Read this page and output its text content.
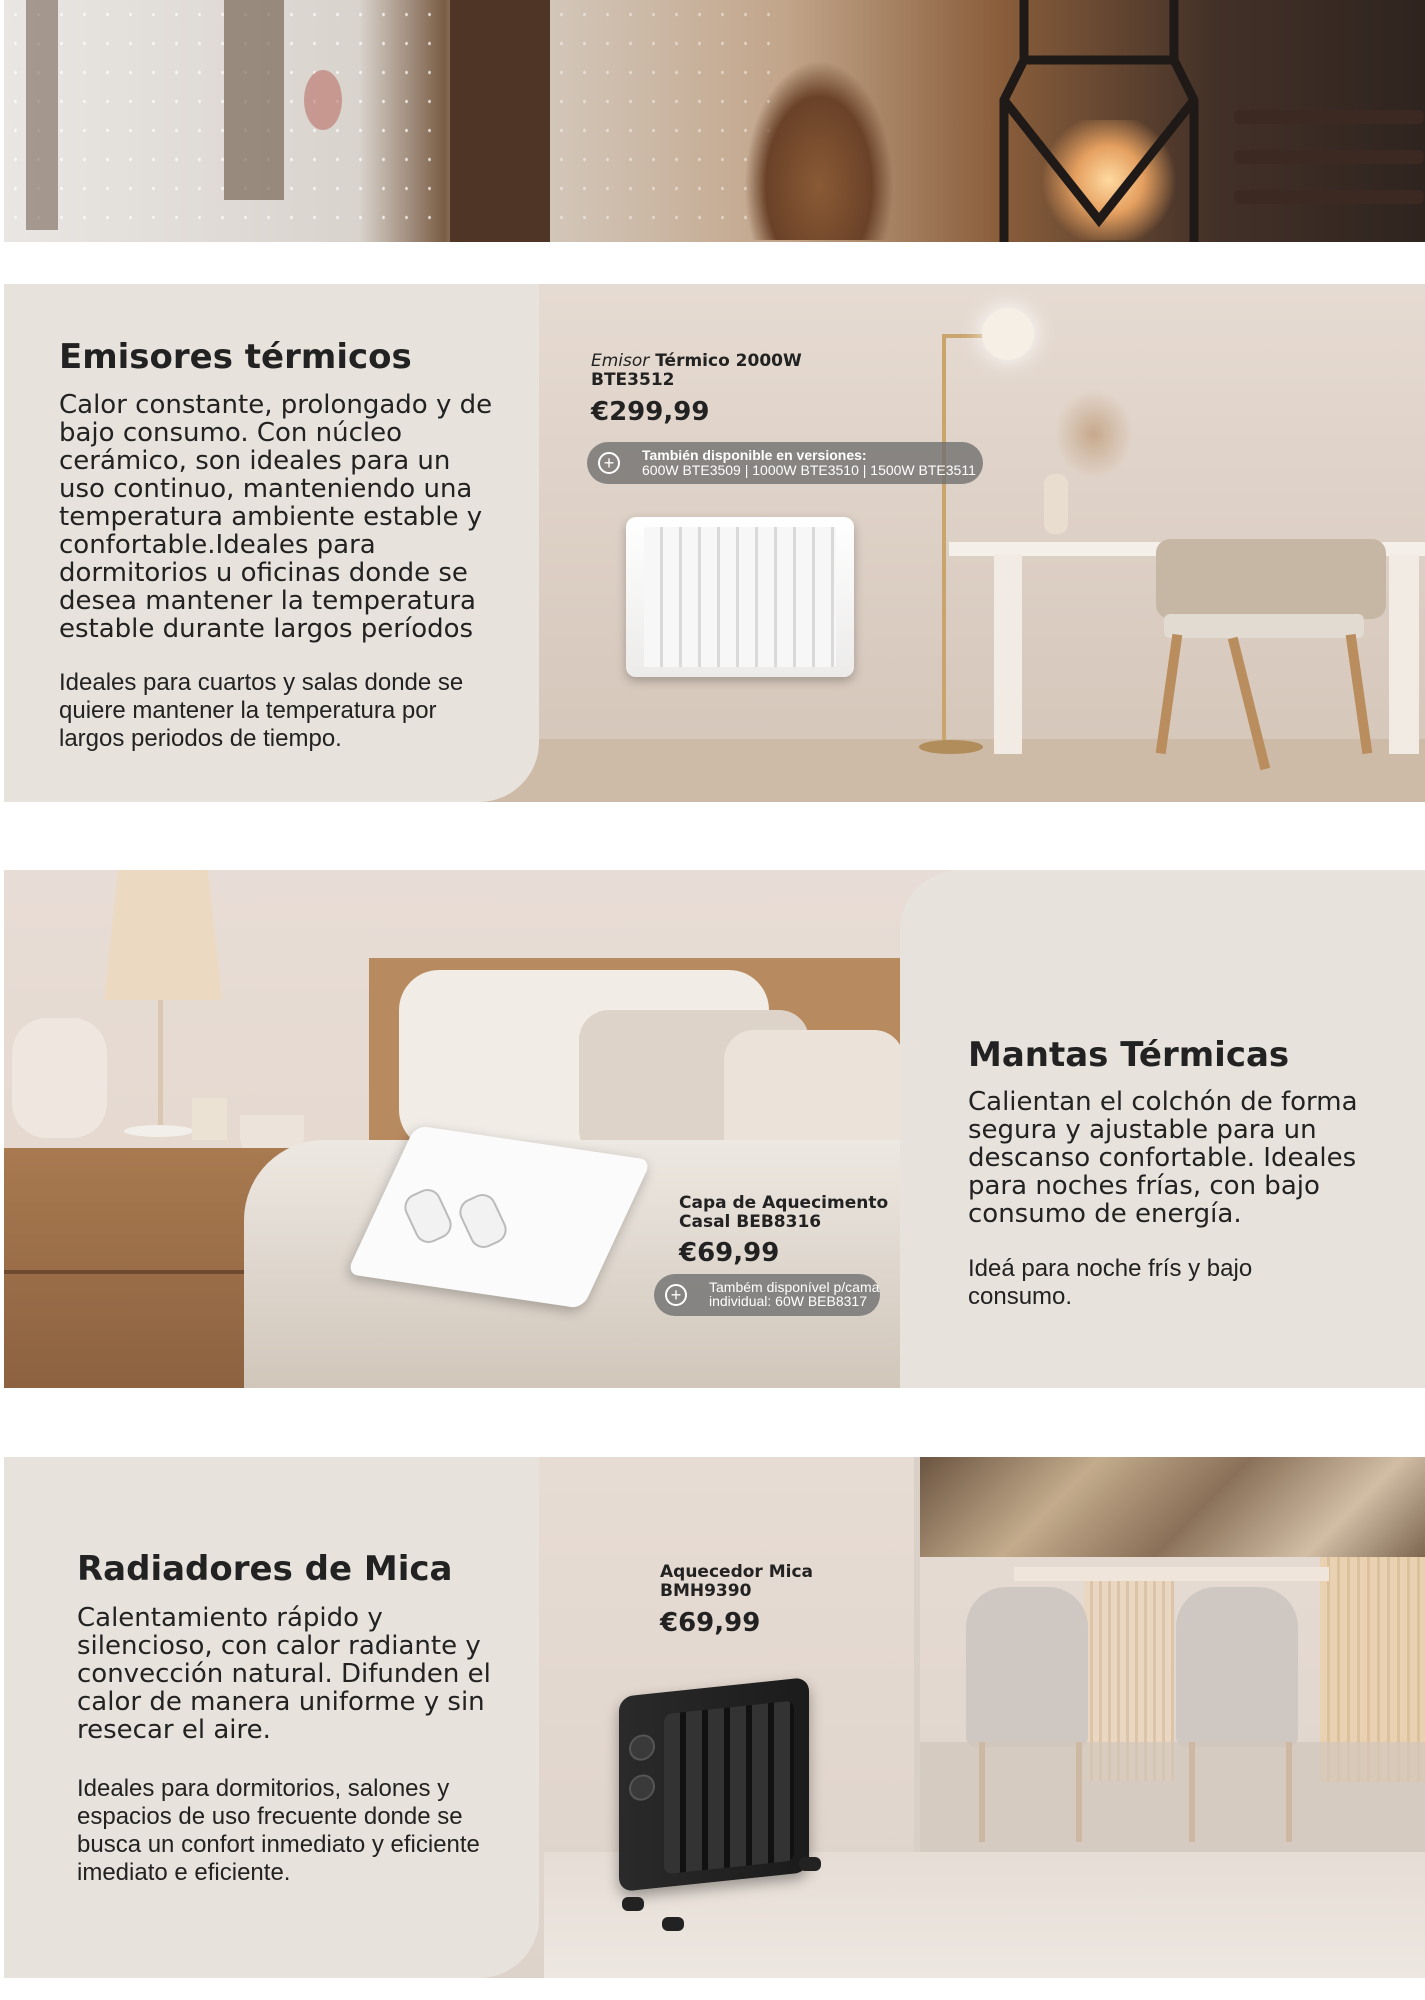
Emisores térmicos
Calor constante, prolongado y de bajo consumo. Con núcleo cerámico, son ideales para un uso continuo, manteniendo una temperatura ambiente estable y confortable.Ideales para dormitorios u oficinas donde se desea mantener la temperatura estable durante largos períodos
Ideales para cuartos y salas donde se quiere mantener la temperatura por largos periodos de tiempo.
Emisor Térmico 2000W
BTE3512
€299,99
+	También disponible en versiones:
600W BTE3509 | 1000W BTE3510 | 1500W BTE3511
Capa de Aquecimento
Casal BEB8316
€69,99
+	Também disponível p/cama
individual: 60W BEB8317
Mantas Térmicas
Calientan el colchón de forma segura y ajustable para un descanso confortable. Ideales para noches frías, con bajo consumo de energía.
Ideá para noche frís y bajo consumo.
Radiadores de Mica
Calentamiento rápido y silencioso, con calor radiante y convección natural. Difunden el calor de manera uniforme y sin resecar el aire.
Ideales para dormitorios, salones y espacios de uso frecuente donde se busca un confort inmediato y eficiente imediato e eficiente.
Aquecedor Mica
BMH9390
€69,99
